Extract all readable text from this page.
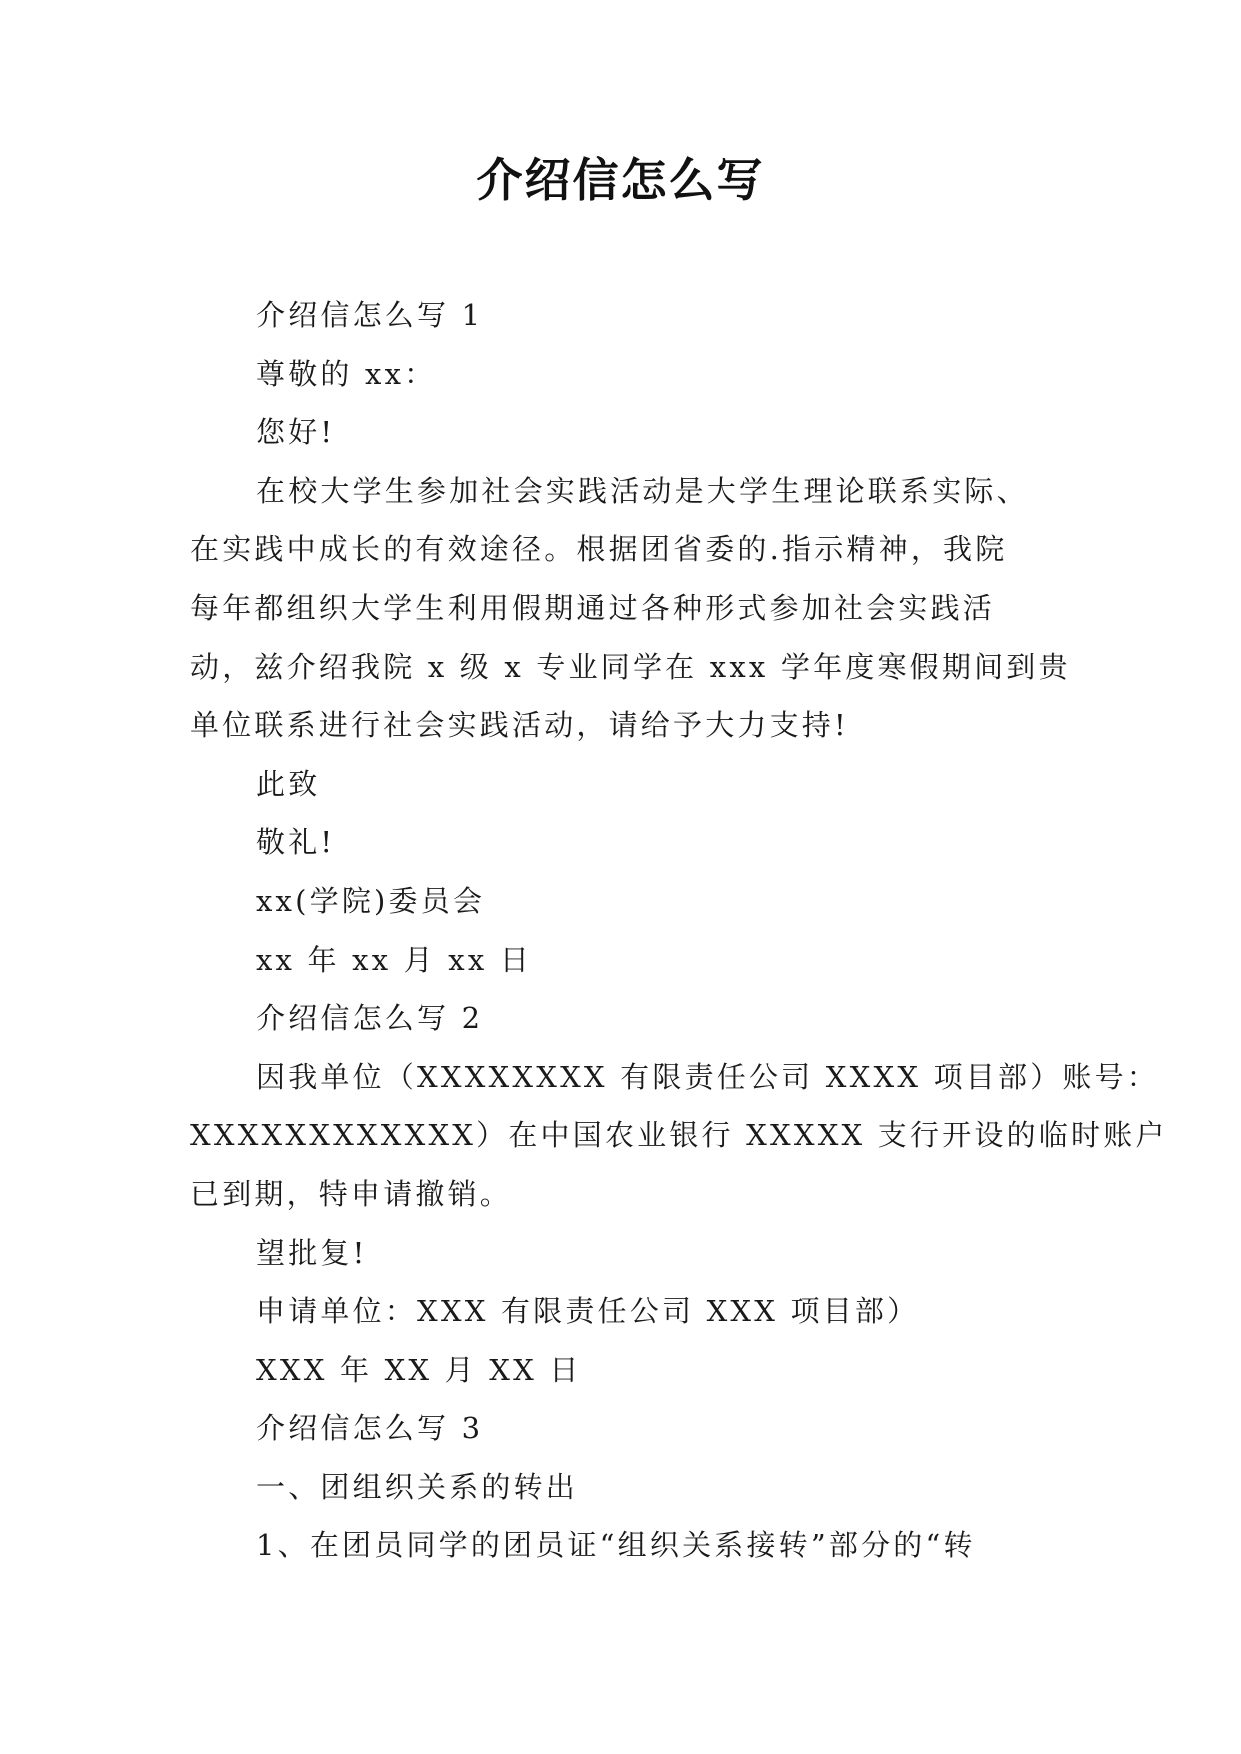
介绍信怎么写

介绍信怎么写 1

尊敬的 xx：

您好!

在校大学生参加社会实践活动是大学生理论联系实际、

在实践中成长的有效途径。根据团省委的.指示精神，我院

每年都组织大学生利用假期通过各种形式参加社会实践活

动，兹介绍我院 x 级 x 专业同学在 xxx 学年度寒假期间到贵

单位联系进行社会实践活动，请给予大力支持!

此致

敬礼!

xx(学院)委员会

xx 年 xx 月 xx 日

介绍信怎么写 2

因我单位（XXXXXXXX 有限责任公司 XXXX 项目部）账号：

XXXXXXXXXXXX）在中国农业银行 XXXXX 支行开设的临时账户

已到期，特申请撤销。

望批复!

申请单位：XXX 有限责任公司 XXX 项目部）

XXX 年 XX 月 XX 日

介绍信怎么写 3

一、团组织关系的转出

1、在团员同学的团员证“组织关系接转”部分的“转
